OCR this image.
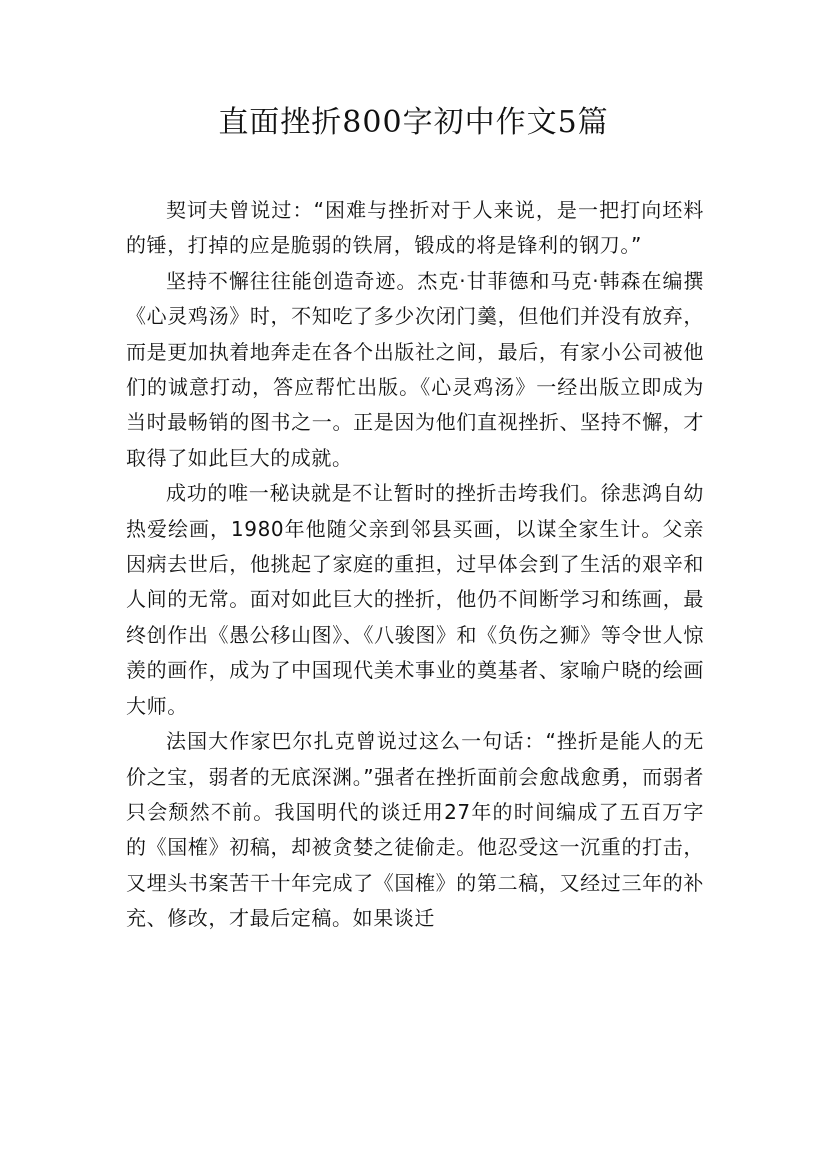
直面挫折800字初中作文5篇

契诃夫曾说过：“困难与挫折对于人来说，是一把打向坯料的锤，打掉的应是脆弱的铁屑，锻成的将是锋利的钢刀。”

坚持不懈往往能创造奇迹。杰克·甘菲德和马克·韩森在编撰《心灵鸡汤》时，不知吃了多少次闭门羹，但他们并没有放弃，而是更加执着地奔走在各个出版社之间，最后，有家小公司被他们的诚意打动，答应帮忙出版。《心灵鸡汤》一经出版立即成为当时最畅销的图书之一。正是因为他们直视挫折、坚持不懈，才取得了如此巨大的成就。

成功的唯一秘诀就是不让暂时的挫折击垮我们。徐悲鸿自幼热爱绘画，1980年他随父亲到邻县买画，以谋全家生计。父亲因病去世后，他挑起了家庭的重担，过早体会到了生活的艰辛和人间的无常。面对如此巨大的挫折，他仍不间断学习和练画，最终创作出《愚公移山图》、《八骏图》和《负伤之狮》等令世人惊羡的画作，成为了中国现代美术事业的奠基者、家喻户晓的绘画大师。

法国大作家巴尔扎克曾说过这么一句话：“挫折是能人的无价之宝，弱者的无底深渊。”强者在挫折面前会愈战愈勇，而弱者只会颓然不前。我国明代的谈迁用27年的时间编成了五百万字的《国榷》初稿，却被贪婪之徒偷走。他忍受这一沉重的打击，又埋头书案苦干十年完成了《国榷》的第二稿，又经过三年的补充、修改，才最后定稿。如果谈迁
